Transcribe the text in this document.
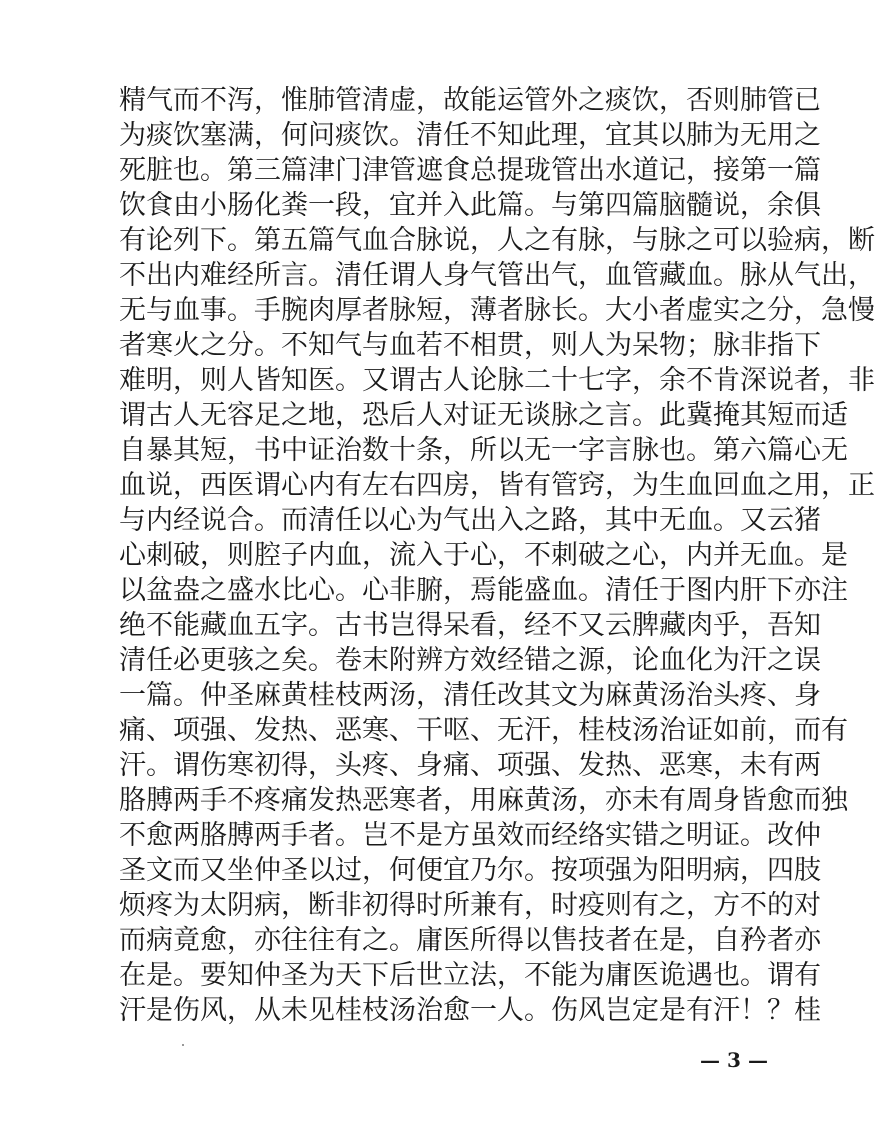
精气而不泻，惟肺管清虚，故能运管外之痰饮，否则肺管已
为痰饮塞满，何问痰饮。清任不知此理，宜其以肺为无用之
死脏也。第三篇津门津管遮食总提珑管出水道记，接第一篇
饮食由小肠化粪一段，宜并入此篇。与第四篇脑髓说，余俱
有论列下。第五篇气血合脉说，人之有脉，与脉之可以验病，断
不出内难经所言。清任谓人身气管出气，血管藏血。脉从气出，
无与血事。手腕肉厚者脉短，薄者脉长。大小者虚实之分，急慢
者寒火之分。不知气与血若不相贯，则人为呆物；脉非指下
难明，则人皆知医。又谓古人论脉二十七字，余不肯深说者，非
谓古人无容足之地，恐后人对证无谈脉之言。此冀掩其短而适
自暴其短，书中证治数十条，所以无一字言脉也。第六篇心无
血说，西医谓心内有左右四房，皆有管窍，为生血回血之用，正
与内经说合。而清任以心为气出入之路，其中无血。又云猪
心刺破，则腔子内血，流入于心，不刺破之心，内并无血。是
以盆盎之盛水比心。心非腑，焉能盛血。清任于图内肝下亦注
绝不能藏血五字。古书岂得呆看，经不又云脾藏肉乎，吾知
清任必更骇之矣。卷末附辨方效经错之源，论血化为汗之误
一篇。仲圣麻黄桂枝两汤，清任改其文为麻黄汤治头疼、身
痛、项强、发热、恶寒、干呕、无汗，桂枝汤治证如前，而有
汗。谓伤寒初得，头疼、身痛、项强、发热、恶寒，未有两
胳膊两手不疼痛发热恶寒者，用麻黄汤，亦未有周身皆愈而独
不愈两胳膊两手者。岂不是方虽效而经络实错之明证。改仲
圣文而又坐仲圣以过，何便宜乃尔。按项强为阳明病，四肢
烦疼为太阴病，断非初得时所兼有，时疫则有之，方不的对
而病竟愈，亦往往有之。庸医所得以售技者在是，自矜者亦
在是。要知仲圣为天下后世立法，不能为庸医诡遇也。谓有
汗是伤风，从未见桂枝汤治愈一人。伤风岂定是有汗！？桂
— 3 —
